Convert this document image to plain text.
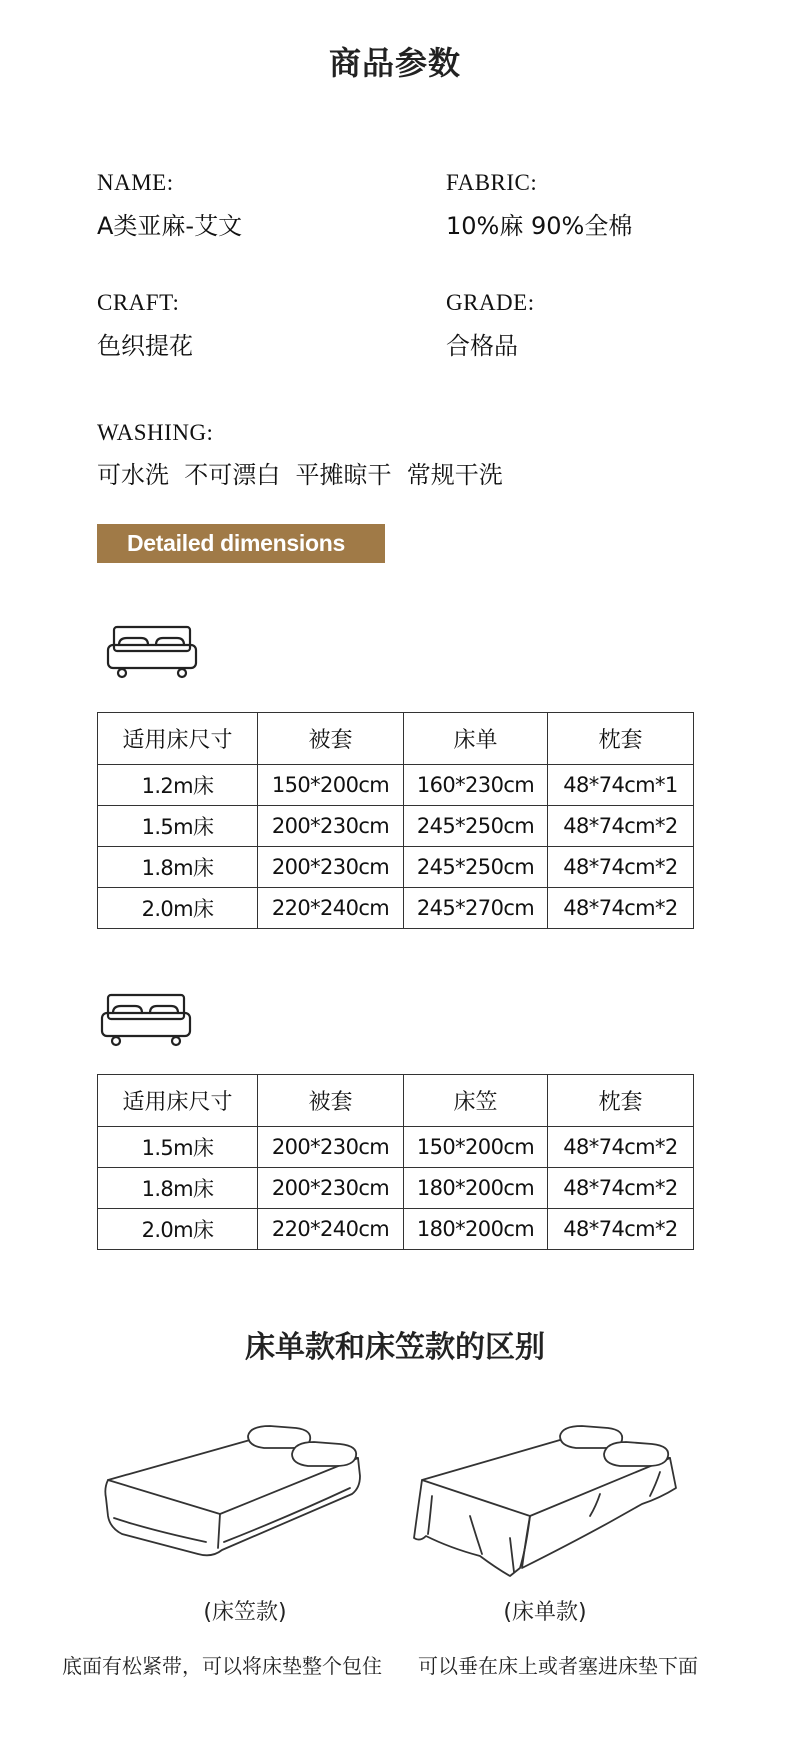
商品参数
NAME:
A类亚麻-艾文
FABRIC:
10%麻 90%全棉
CRAFT:
色织提花
GRADE:
合格品
WASHING:
可水洗  不可漂白  平摊晾干  常规干洗
Detailed dimensions
适用床尺寸	被套	床单	枕套
1.2m床	150*200cm	160*230cm	48*74cm*1
1.5m床	200*230cm	245*250cm	48*74cm*2
1.8m床	200*230cm	245*250cm	48*74cm*2
2.0m床	220*240cm	245*270cm	48*74cm*2
适用床尺寸	被套	床笠	枕套
1.5m床	200*230cm	150*200cm	48*74cm*2
1.8m床	200*230cm	180*200cm	48*74cm*2
2.0m床	220*240cm	180*200cm	48*74cm*2
床单款和床笠款的区别
(床笠款)	(床单款)
底面有松紧带，可以将床垫整个包住 可以垂在床上或者塞进床垫下面
